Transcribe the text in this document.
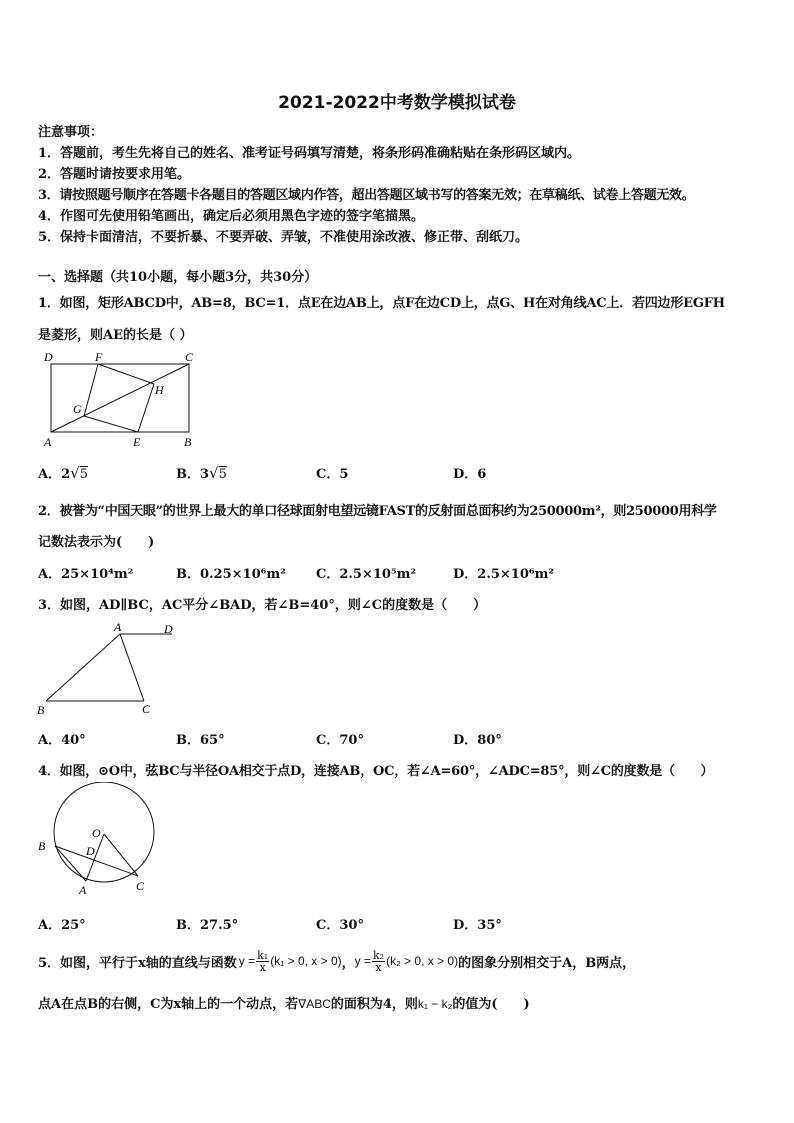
2021-2022中考数学模拟试卷
注意事项：
1．答题前，考生先将自己的姓名、准考证号码填写清楚，将条形码准确粘贴在条形码区域内。
2．答题时请按要求用笔。
3．请按照题号顺序在答题卡各题目的答题区域内作答，超出答题区域书写的答案无效；在草稿纸、试卷上答题无效。
4．作图可先使用铅笔画出，确定后必须用黑色字迹的签字笔描黑。
5．保持卡面清洁，不要折暴、不要弄破、弄皱，不准使用涂改液、修正带、刮纸刀。
一、选择题（共10小题，每小题3分，共30分）
1．如图，矩形ABCD中，AB=8，BC=1．点E在边AB上，点F在边CD上，点G、H在对角线AC上．若四边形EGFH
是菱形，则AE的长是（ ）
D	F	C
H
G
A	E	B
A．2√5	B．3√5	C．5	D．6
2．被誉为“中国天眼”的世界上最大的单口径球面射电望远镜FAST的反射面总面积约为250000m²，则250000用科学
记数法表示为(　　)
A．25×10⁴m²	B．0.25×10⁶m² C．2.5×10⁵m²	D．2.5×10⁶m²
3．如图，AD∥BC，AC平分∠BAD，若∠B=40°，则∠C的度数是（　　）
A	D
B	C
A．40°	B．65°	C．70°	D．80°
4．如图，⊙O中，弦BC与半径OA相交于点D，连接AB，OC，若∠A=60°，∠ADC=85°，则∠C的度数是（　　）
O
B	D
A	C
A．25°	B．27.5°	C．30°	D．35°
5．如图，平行于x轴的直线与函数 $y = \frac{\text{k₁}}{x} (k_1 > 0$, x > 0) ， $y = \frac{\text{k₂}}{x} (k_2 > 0$, x > 0) 的图象分别相交于A，B两点，
点A在点B的右侧，C为x轴上的一个动点，若∇ABC的面积为4，则k₁ − k₂的值为(　　)
